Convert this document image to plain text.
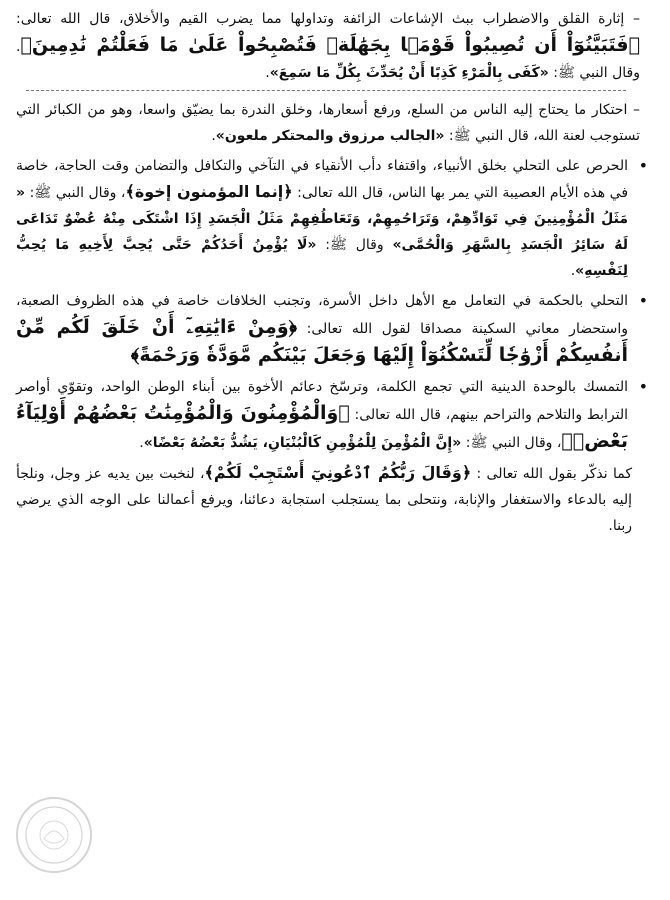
– إثارة القلق والاضطراب ببث الإشاعات الزائفة وتداولها مما يضرب القيم والأخلاق، قال الله تعالى: ﴿فَتَبَيَّنُوٓاْ أَن تُصِيبُواْ قَوْمَۢا بِجَهَٰلَةٖ فَتُصْبِحُواْ عَلَىٰ مَا فَعَلْتُمْ نَٰدِمِينَ﴾. وقال النبي ﷺ: «كَفَى بِالْمَرْءِ كَذِبًا أَنْ يُحَدِّثَ بِكُلِّ مَا سَمِعَ».

– احتكار ما يحتاج إليه الناس من السلع، ورفع أسعارها، وخلق الندرة بما يضيّق واسعا، وهو من الكبائر التي تستوجب لعنة الله، قال النبي ﷺ: «الجالب مرزوق والمحتكر ملعون».

•
الحرص على التحلي بخلق الأنبياء، واقتفاء دأب الأنقياء في التآخي والتكافل والتضامن وقت الحاجة، خاصة في هذه الأيام العصيبة التي يمر بها الناس، قال الله تعالى: ﴿إنما المؤمنون إخوة﴾، وقال النبي ﷺ: « مَثَلُ الْمُؤْمِنِينَ فِي تَوَادِّهِمْ، وَتَرَاحُمِهِمْ، وَتَعَاطُفِهِمْ مَثَلُ الْجَسَدِ إِذَا اشْتَكَى مِنْهُ عُضْوٌ تَدَاعَى لَهُ سَائِرُ الْجَسَدِ بِالسَّهَرِ وَالْحُمَّى» وقال ﷺ: «لَا يُؤْمِنُ أَحَدُكُمْ حَتَّى يُحِبَّ لِأَخِيهِ مَا يُحِبُّ لِنَفْسِهِ».

•
التحلي بالحكمة في التعامل مع الأهل داخل الأسرة، وتجنب الخلافات خاصة في هذه الظروف الصعبة، واستحضار معاني السكينة مصداقا لقول الله تعالى: ﴿وَمِنْ ءَايَٰتِهِۦٓ أَنْ خَلَقَ لَكُم مِّنْ أَنفُسِكُمْ أَزْوَٰجٗا لِّتَسْكُنُوٓاْ إِلَيْهَا وَجَعَلَ بَيْنَكُم مَّوَدَّةٗ وَرَحْمَةً﴾

•
التمسك بالوحدة الدينية التي تجمع الكلمة، وترسّخ دعائم الأخوة بين أبناء الوطن الواحد، وتقوّي أواصر الترابط والتلاحم والتراحم بينهم، قال الله تعالى: ﴿وَالْمُؤْمِنُونَ وَالْمُؤْمِنَٰتُ بَعْضُهُمْ أَوْلِيَآءُ بَعْضٖ﴾، وقال النبي ﷺ: «إِنَّ الْمُؤْمِنَ لِلْمُؤْمِنِ كَالْبُنْيَانِ، يَشُدُّ بَعْضُهُ بَعْضًا».

كما نذكّر بقول الله تعالى : ﴿وَقَالَ رَبُّكُمُ ٱدْعُونِيٓ أَسْتَجِبْ لَكُمْ﴾، لنخبت بين يديه عز وجل، ونلجأ إليه بالدعاء والاستغفار والإنابة، ونتحلى بما يستجلب استجابة دعائنا، ويرفع أعمالنا على الوجه الذي يرضي ربنا.
